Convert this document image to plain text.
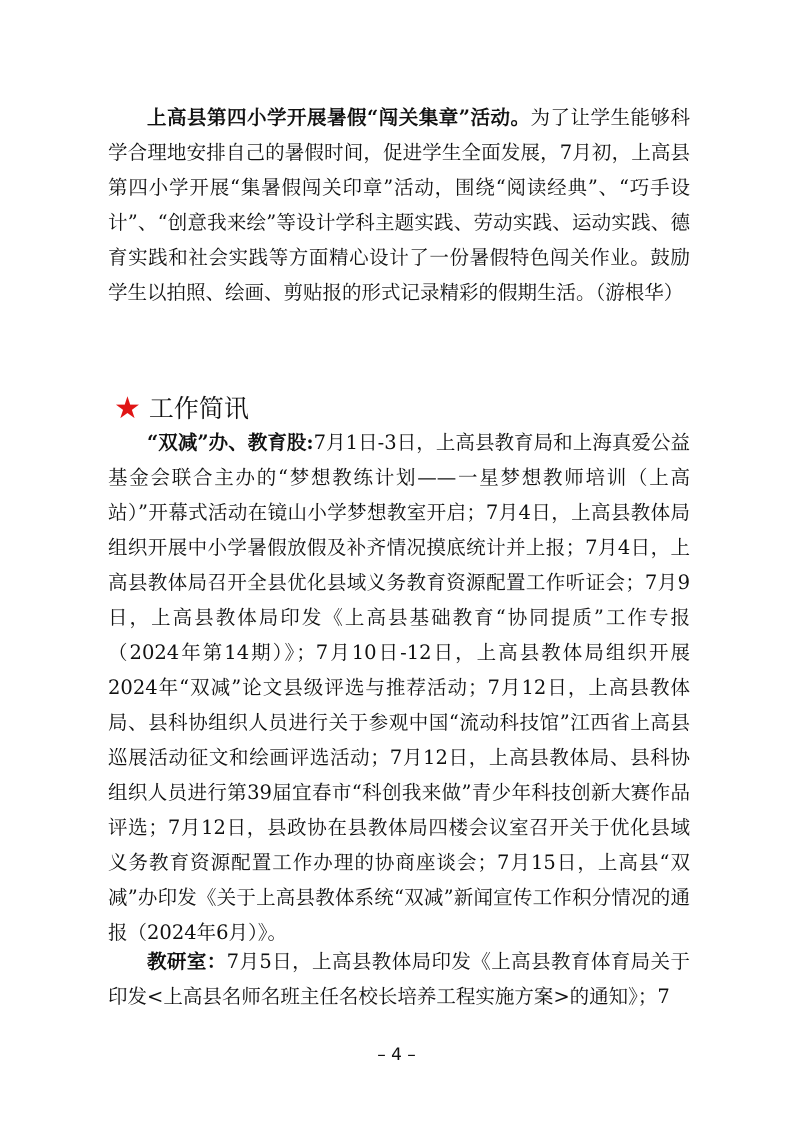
上高县第四小学开展暑假“闯关集章”活动。为了让学生能够科学合理地安排自己的暑假时间，促进学生全面发展，7月初，上高县第四小学开展“集暑假闯关印章”活动，围绕“阅读经典”、“巧手设计”、“创意我来绘”等设计学科主题实践、劳动实践、运动实践、德育实践和社会实践等方面精心设计了一份暑假特色闯关作业。鼓励学生以拍照、绘画、剪贴报的形式记录精彩的假期生活。（游根华）

★ 工作简讯

“双减”办、教育股:7月1日-3日，上高县教育局和上海真爱公益基金会联合主办的“梦想教练计划——一星梦想教师培训（上高站）”开幕式活动在镜山小学梦想教室开启；7月4日，上高县教体局组织开展中小学暑假放假及补齐情况摸底统计并上报；7月4日，上高县教体局召开全县优化县域义务教育资源配置工作听证会；7月9日，上高县教体局印发《上高县基础教育“协同提质”工作专报（2024年第14期）》；7月10日-12日，上高县教体局组织开展2024年“双减”论文县级评选与推荐活动；7月12日，上高县教体局、县科协组织人员进行关于参观中国“流动科技馆”江西省上高县巡展活动征文和绘画评选活动；7月12日，上高县教体局、县科协组织人员进行第39届宜春市“科创我来做”青少年科技创新大赛作品评选；7月12日，县政协在县教体局四楼会议室召开关于优化县域义务教育资源配置工作办理的协商座谈会；7月15日，上高县“双减”办印发《关于上高县教体系统“双减”新闻宣传工作积分情况的通报（2024年6月）》。

教研室：7月5日，上高县教体局印发《上高县教育体育局关于印发<上高县名师名班主任名校长培养工程实施方案>的通知》；7

– 4 –
